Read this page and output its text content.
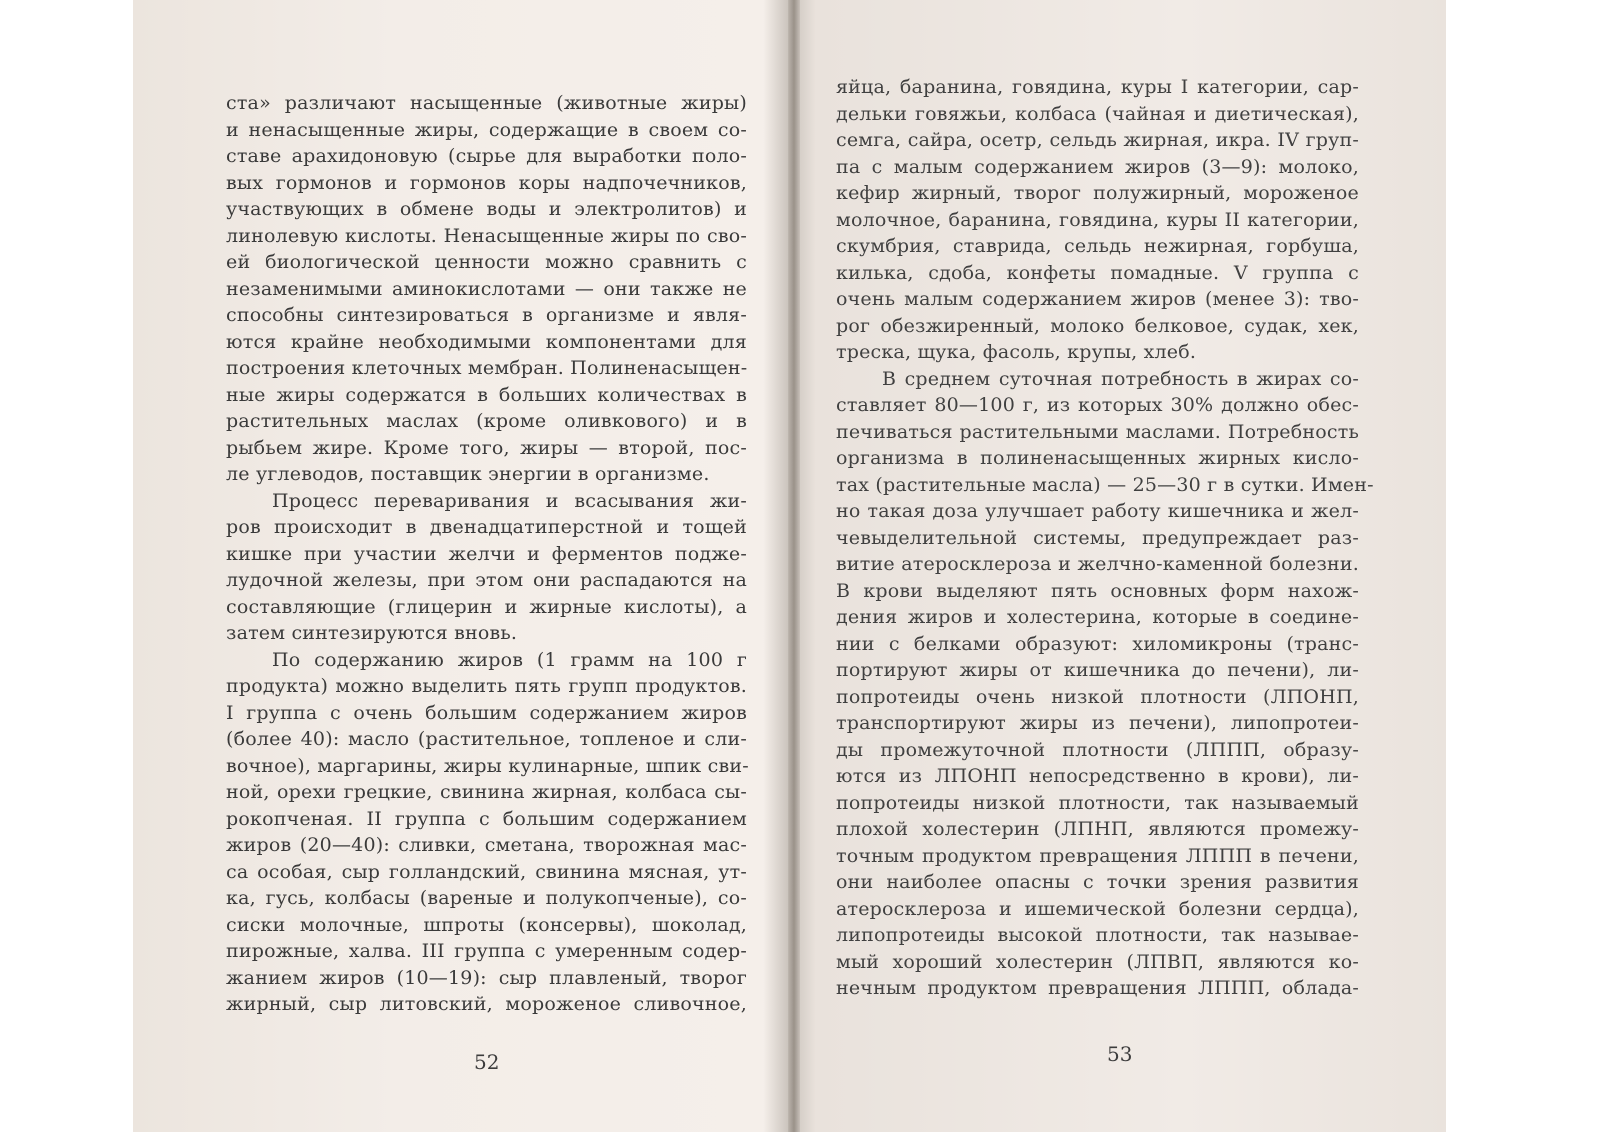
ста» различают насыщенные (животные жиры)
и ненасыщенные жиры, содержащие в своем со-
ставе арахидоновую (сырье для выработки поло-
вых гормонов и гормонов коры надпочечников,
участвующих в обмене воды и электролитов) и
линолевую кислоты. Ненасыщенные жиры по сво-
ей биологической ценности можно сравнить с
незаменимыми аминокислотами — они также не
способны синтезироваться в организме и явля-
ются крайне необходимыми компонентами для
построения клеточных мембран. Полиненасыщен-
ные жиры содержатся в больших количествах в
растительных маслах (кроме оливкового) и в
рыбьем жире. Кроме того, жиры — второй, пос-
ле углеводов, поставщик энергии в организме.
Процесс переваривания и всасывания жи-
ров происходит в двенадцатиперстной и тощей
кишке при участии желчи и ферментов подже-
лудочной железы, при этом они распадаются на
составляющие (глицерин и жирные кислоты), а
затем синтезируются вновь.
По содержанию жиров (1 грамм на 100 г
продукта) можно выделить пять групп продуктов.
I группа с очень большим содержанием жиров
(более 40): масло (растительное, топленое и сли-
вочное), маргарины, жиры кулинарные, шпик сви-
ной, орехи грецкие, свинина жирная, колбаса сы-
рокопченая. II группа с большим содержанием
жиров (20—40): сливки, сметана, творожная мас-
са особая, сыр голландский, свинина мясная, ут-
ка, гусь, колбасы (вареные и полукопченые), со-
сиски молочные, шпроты (консервы), шоколад,
пирожные, халва. III группа с умеренным содер-
жанием жиров (10—19): сыр плавленый, творог
жирный, сыр литовский, мороженое сливочное,
52
яйца, баранина, говядина, куры I категории, сар-
дельки говяжьи, колбаса (чайная и диетическая),
семга, сайра, осетр, сельдь жирная, икра. IV груп-
па с малым содержанием жиров (3—9): молоко,
кефир жирный, творог полужирный, мороженое
молочное, баранина, говядина, куры II категории,
скумбрия, ставрида, сельдь нежирная, горбуша,
килька, сдоба, конфеты помадные. V группа с
очень малым содержанием жиров (менее 3): тво-
рог обезжиренный, молоко белковое, судак, хек,
треска, щука, фасоль, крупы, хлеб.
В среднем суточная потребность в жирах со-
ставляет 80—100 г, из которых 30% должно обес-
печиваться растительными маслами. Потребность
организма в полиненасыщенных жирных кисло-
тах (растительные масла) — 25—30 г в сутки. Имен-
но такая доза улучшает работу кишечника и жел-
чевыделительной системы, предупреждает раз-
витие атеросклероза и желчно-каменной болезни.
В крови выделяют пять основных форм нахож-
дения жиров и холестерина, которые в соедине-
нии с белками образуют: хиломикроны (транс-
портируют жиры от кишечника до печени), ли-
попротеиды очень низкой плотности (ЛПОНП,
транспортируют жиры из печени), липопротеи-
ды промежуточной плотности (ЛППП, образу-
ются из ЛПОНП непосредственно в крови), ли-
попротеиды низкой плотности, так называемый
плохой холестерин (ЛПНП, являются промежу-
точным продуктом превращения ЛППП в печени,
они наиболее опасны с точки зрения развития
атеросклероза и ишемической болезни сердца),
липопротеиды высокой плотности, так называе-
мый хороший холестерин (ЛПВП, являются ко-
нечным продуктом превращения ЛППП, облада-
53
